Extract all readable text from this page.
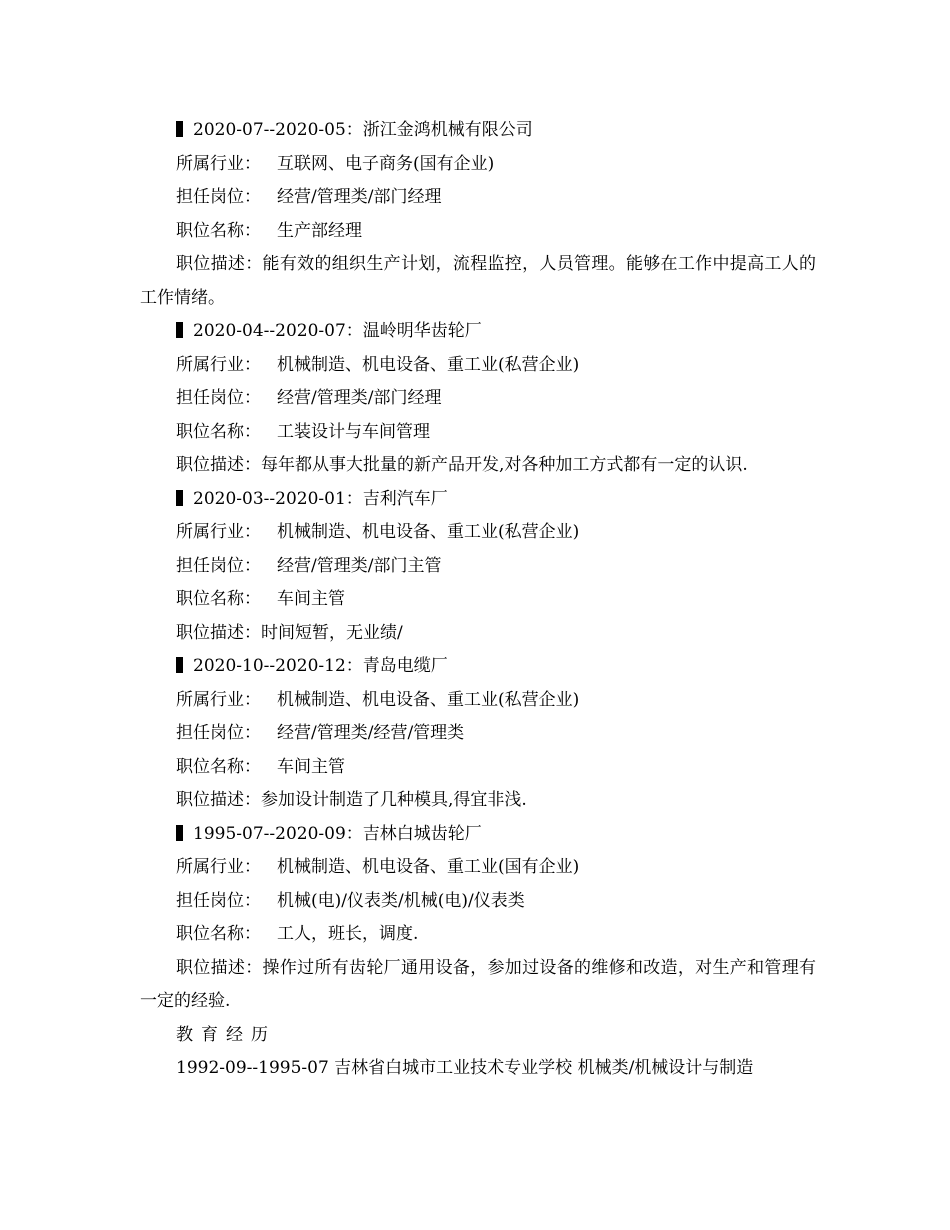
2020-07--2020-05：浙江金鸿机械有限公司
所属行业： 互联网、电子商务(国有企业)
担任岗位： 经营/管理类/部门经理
职位名称： 生产部经理
职位描述：能有效的组织生产计划，流程监控，人员管理。能够在工作中提高工人的工作情绪。
2020-04--2020-07：温岭明华齿轮厂
所属行业： 机械制造、机电设备、重工业(私营企业)
担任岗位： 经营/管理类/部门经理
职位名称： 工装设计与车间管理
职位描述：每年都从事大批量的新产品开发,对各种加工方式都有一定的认识.
2020-03--2020-01：吉利汽车厂
所属行业： 机械制造、机电设备、重工业(私营企业)
担任岗位： 经营/管理类/部门主管
职位名称： 车间主管
职位描述：时间短暂，无业绩/
2020-10--2020-12：青岛电缆厂
所属行业： 机械制造、机电设备、重工业(私营企业)
担任岗位： 经营/管理类/经营/管理类
职位名称： 车间主管
职位描述：参加设计制造了几种模具,得宜非浅.
1995-07--2020-09：吉林白城齿轮厂
所属行业： 机械制造、机电设备、重工业(国有企业)
担任岗位： 机械(电)/仪表类/机械(电)/仪表类
职位名称： 工人，班长，调度.
职位描述：操作过所有齿轮厂通用设备，参加过设备的维修和改造，对生产和管理有一定的经验.
教育经历
1992-09--1995-07 吉林省白城市工业技术专业学校 机械类/机械设计与制造
